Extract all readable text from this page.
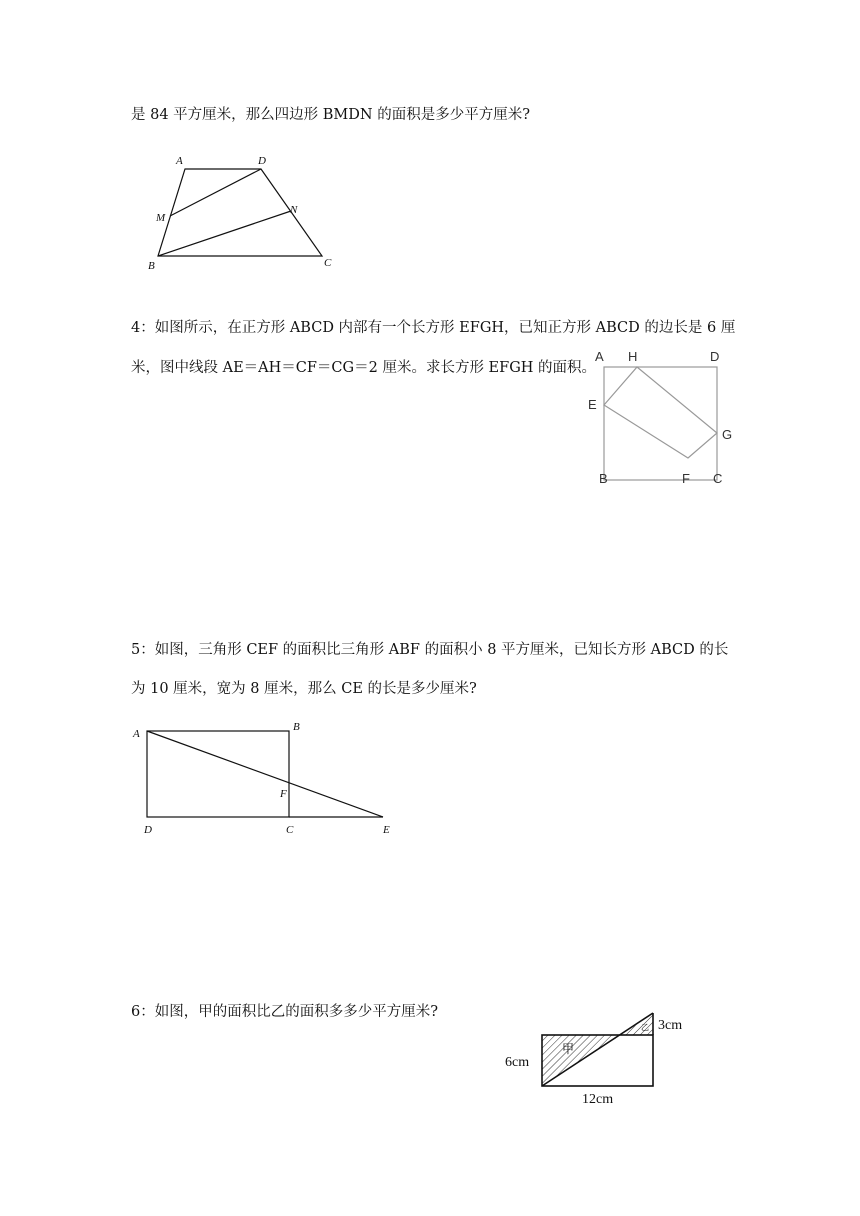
是 84 平方厘米，那么四边形 BMDN 的面积是多少平方厘米?
A	D
M
N
B	C
4：如图所示，在正方形 ABCD 内部有一个长方形 EFGH，已知正方形 ABCD 的边长是 6 厘
米，图中线段 AE＝AH＝CF＝CG＝2 厘米。求长方形 EFGH 的面积。
A H	D
E
G
B	F C
5：如图，三角形 CEF 的面积比三角形 ABF 的面积小 8 平方厘米，已知长方形 ABCD 的长
为 10 厘米，宽为 8 厘米，那么 CE 的长是多少厘米?
A
B
F
D	C	E
6：如图，甲的面积比乙的面积多多少平方厘米?
甲
乙 3cm
6cm
12cm
